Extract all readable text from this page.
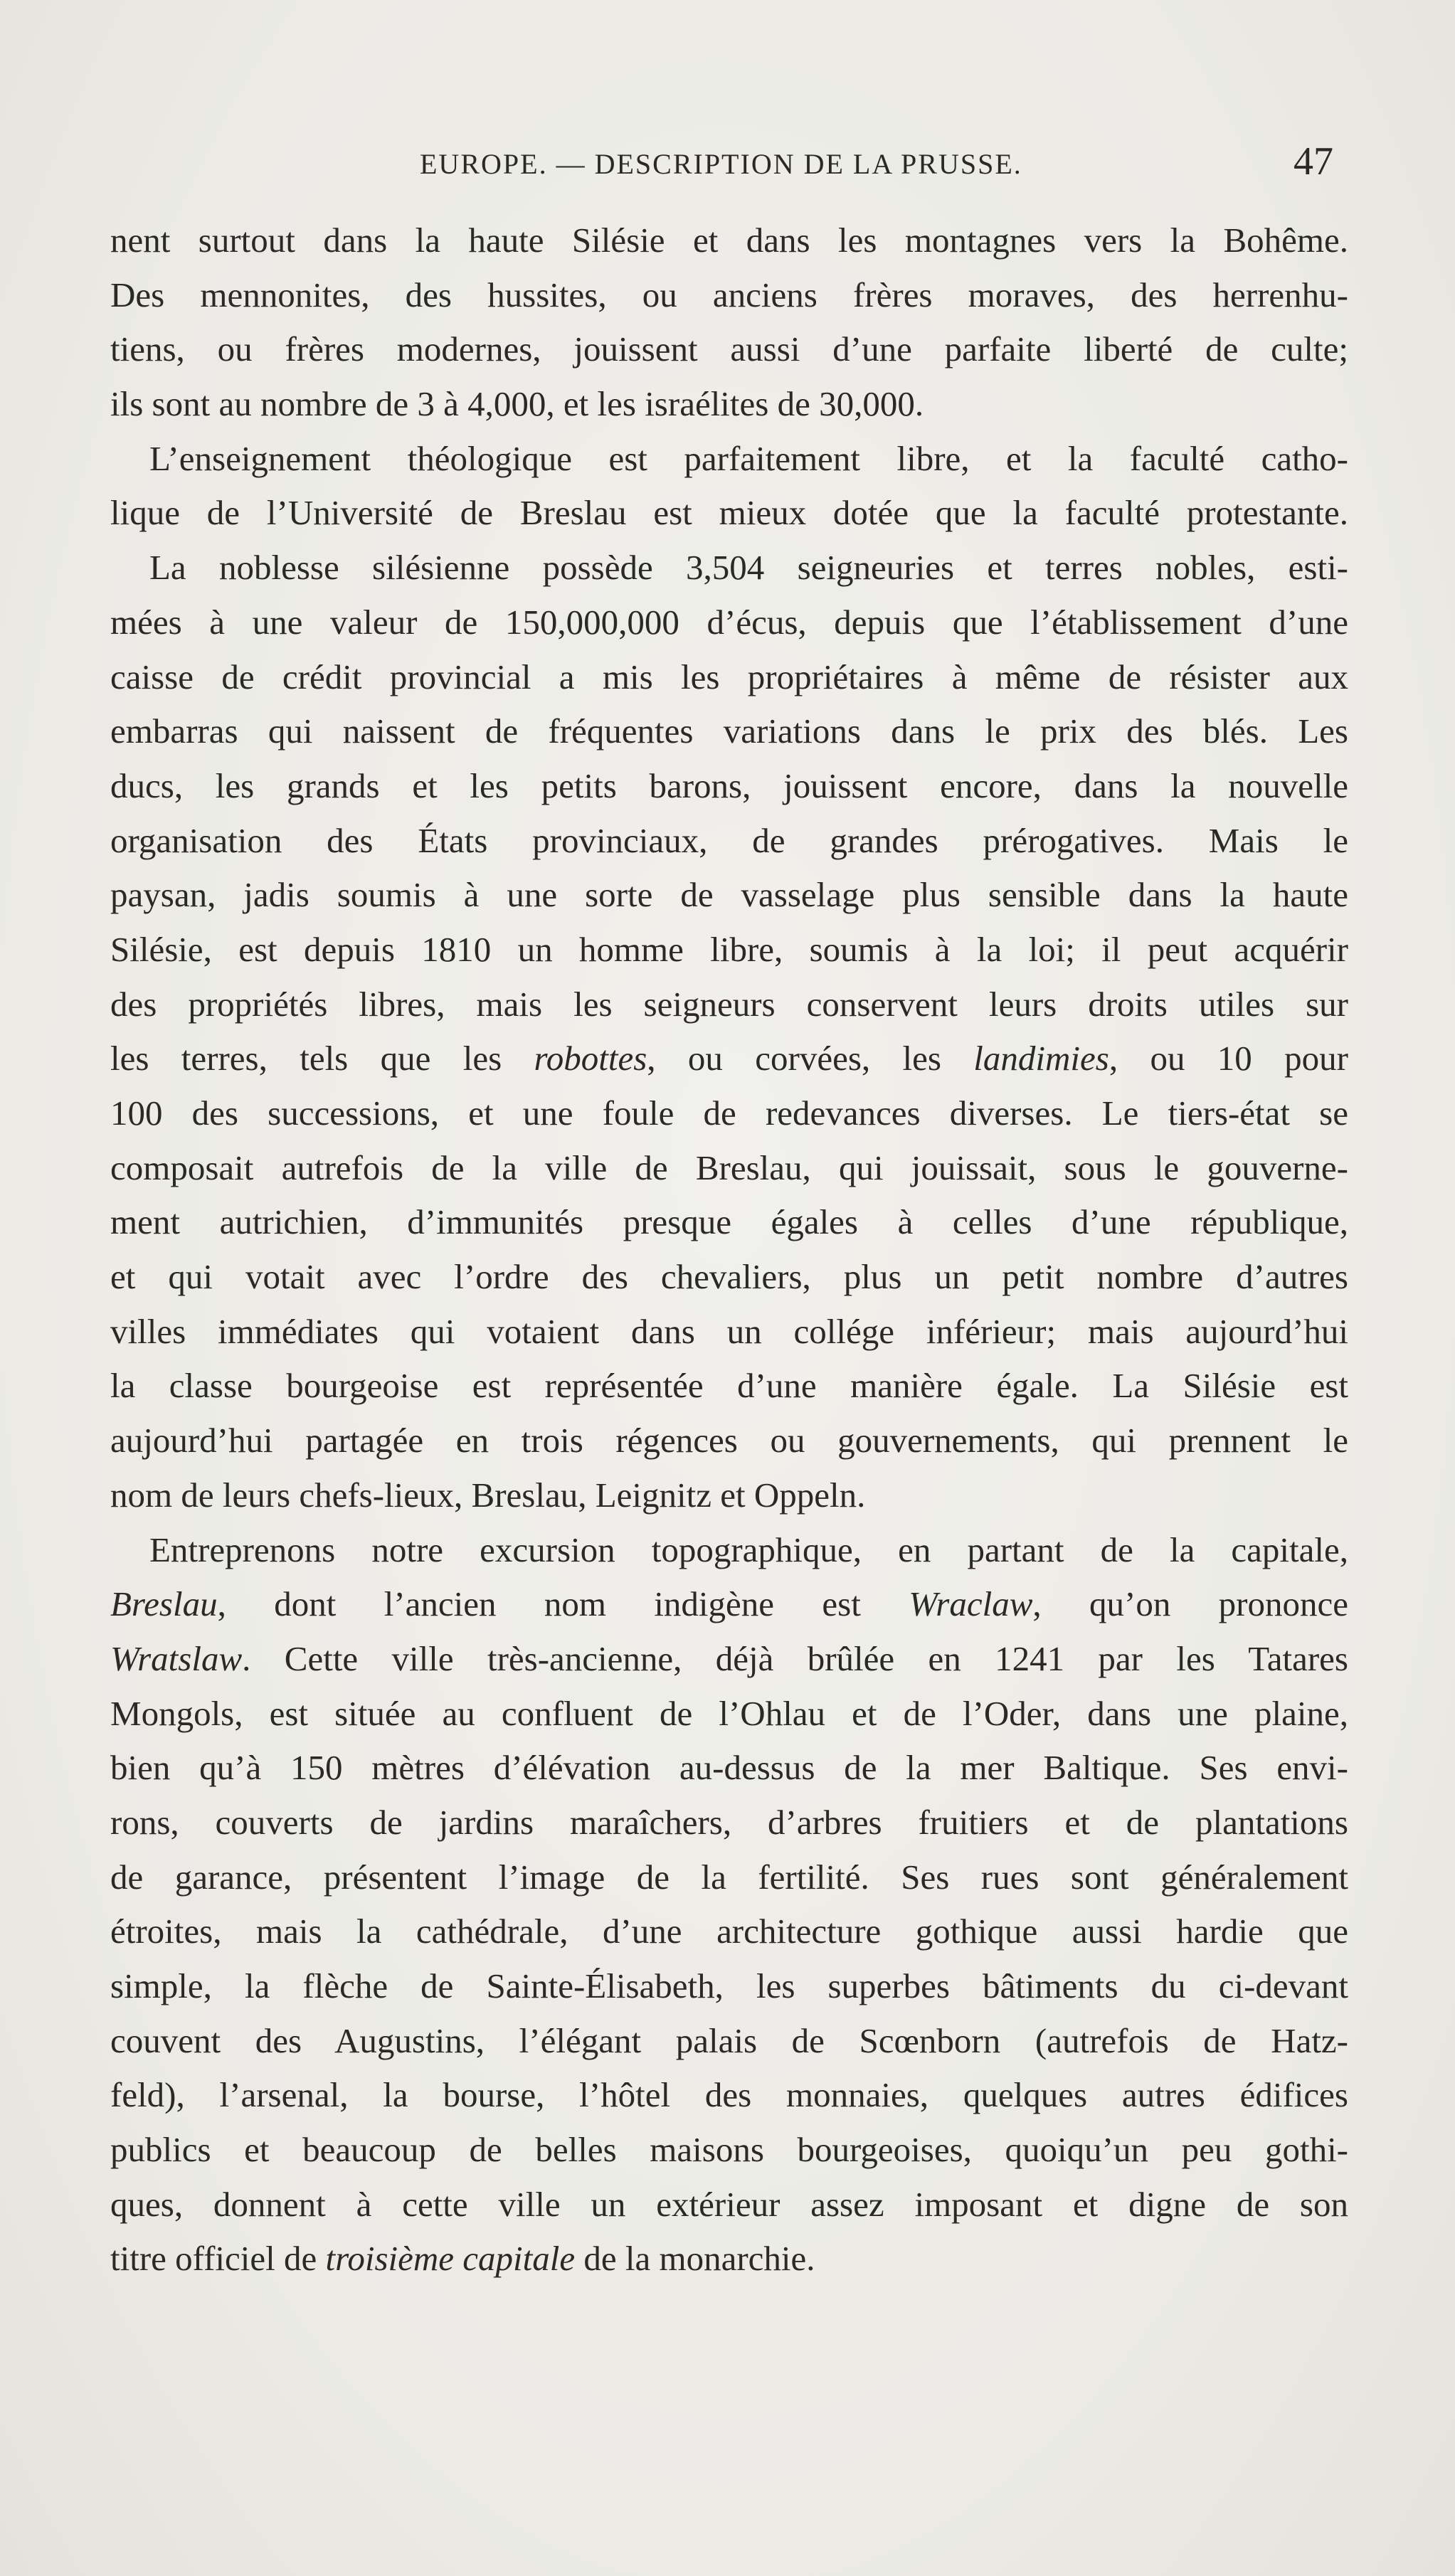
EUROPE. — DESCRIPTION DE LA PRUSSE.	47
nent surtout dans la haute Silésie et dans les montagnes vers la Bohême.
Des mennonites, des hussites, ou anciens frères moraves, des herrenhu-
tiens, ou frères modernes, jouissent aussi d’une parfaite liberté de culte;
ils sont au nombre de 3 à 4,000, et les israélites de 30,000.
L’enseignement théologique est parfaitement libre, et la faculté catho-
lique de l’Université de Breslau est mieux dotée que la faculté protestante.
La noblesse silésienne possède 3,504 seigneuries et terres nobles, esti-
mées à une valeur de 150,000,000 d’écus, depuis que l’établissement d’une
caisse de crédit provincial a mis les propriétaires à même de résister aux
embarras qui naissent de fréquentes variations dans le prix des blés. Les
ducs, les grands et les petits barons, jouissent encore, dans la nouvelle
organisation des États provinciaux, de grandes prérogatives. Mais le
paysan, jadis soumis à une sorte de vasselage plus sensible dans la haute
Silésie, est depuis 1810 un homme libre, soumis à la loi; il peut acquérir
des propriétés libres, mais les seigneurs conservent leurs droits utiles sur
les terres, tels que les robottes, ou corvées, les landimies, ou 10 pour
100 des successions, et une foule de redevances diverses. Le tiers-état se
composait autrefois de la ville de Breslau, qui jouissait, sous le gouverne-
ment autrichien, d’immunités presque égales à celles d’une république,
et qui votait avec l’ordre des chevaliers, plus un petit nombre d’autres
villes immédiates qui votaient dans un collége inférieur; mais aujourd’hui
la classe bourgeoise est représentée d’une manière égale. La Silésie est
aujourd’hui partagée en trois régences ou gouvernements, qui prennent le
nom de leurs chefs-lieux, Breslau, Leignitz et Oppeln.
Entreprenons notre excursion topographique, en partant de la capitale,
Breslau, dont l’ancien nom indigène est Wraclaw, qu’on prononce
Wratslaw. Cette ville très-ancienne, déjà brûlée en 1241 par les Tatares
Mongols, est située au confluent de l’Ohlau et de l’Oder, dans une plaine,
bien qu’à 150 mètres d’élévation au-dessus de la mer Baltique. Ses envi-
rons, couverts de jardins maraîchers, d’arbres fruitiers et de plantations
de garance, présentent l’image de la fertilité. Ses rues sont généralement
étroites, mais la cathédrale, d’une architecture gothique aussi hardie que
simple, la flèche de Sainte-Élisabeth, les superbes bâtiments du ci-devant
couvent des Augustins, l’élégant palais de Scœnborn (autrefois de Hatz-
feld), l’arsenal, la bourse, l’hôtel des monnaies, quelques autres édifices
publics et beaucoup de belles maisons bourgeoises, quoiqu’un peu gothi-
ques, donnent à cette ville un extérieur assez imposant et digne de son
titre officiel de troisième capitale de la monarchie.
